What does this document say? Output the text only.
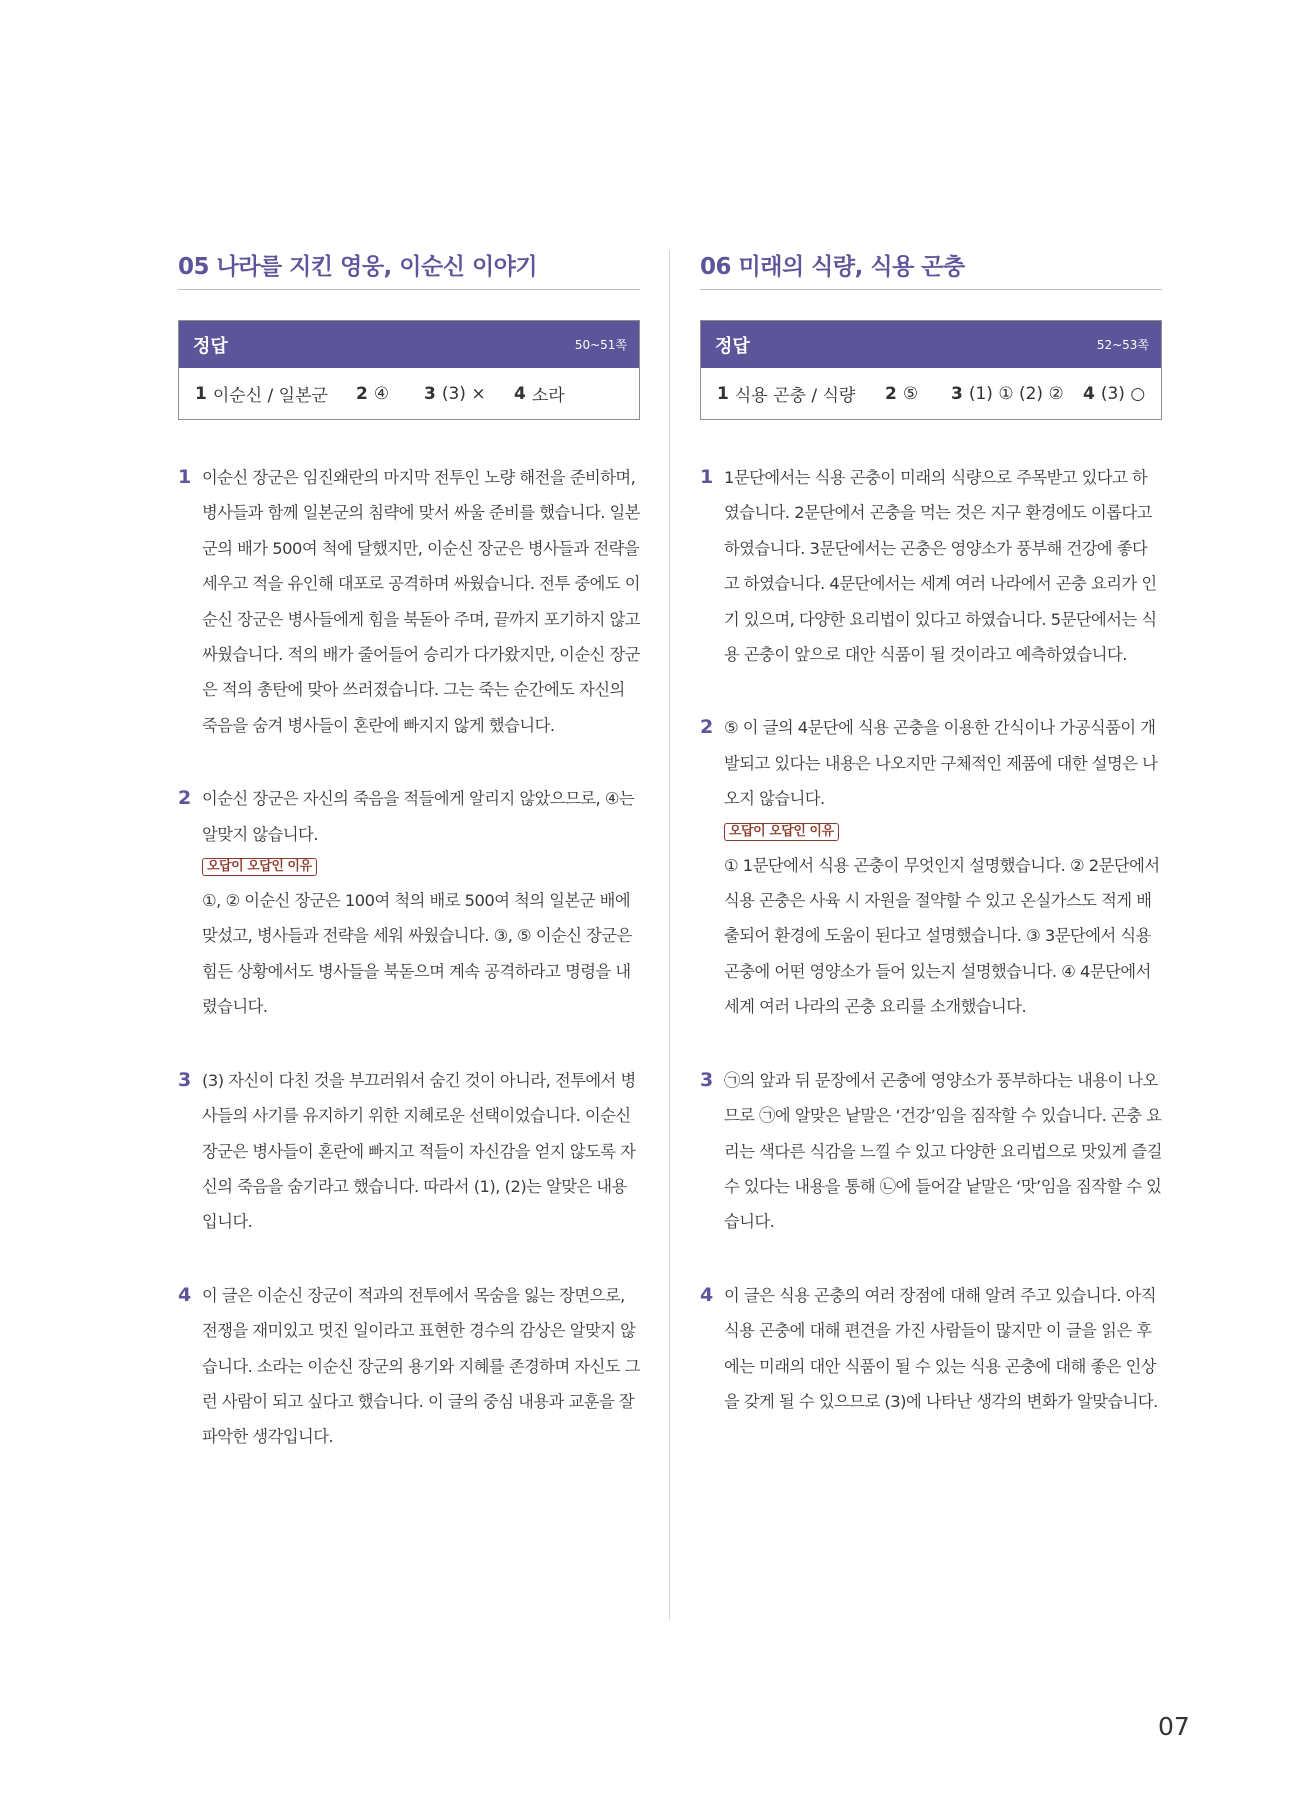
05 나라를 지킨 영웅, 이순신 이야기
정답	50~51쪽
1 이순신 / 일본군 2 ④ 3 (3) × 4 소라
1 이순신 장군은 임진왜란의 마지막 전투인 노량 해전을 준비하며, 병사들과 함께 일본군의 침략에 맞서 싸울 준비를 했습니다. 일본군의 배가 500여 척에 달했지만, 이순신 장군은 병사들과 전략을 세우고 적을 유인해 대포로 공격하며 싸웠습니다. 전투 중에도 이순신 장군은 병사들에게 힘을 북돋아 주며, 끝까지 포기하지 않고 싸웠습니다. 적의 배가 줄어들어 승리가 다가왔지만, 이순신 장군은 적의 총탄에 맞아 쓰러졌습니다. 그는 죽는 순간에도 자신의 죽음을 숨겨 병사들이 혼란에 빠지지 않게 했습니다.

2 이순신 장군은 자신의 죽음을 적들에게 알리지 않았으므로, ④는 알맞지 않습니다.

오답이 오답인 이유

①, ② 이순신 장군은 100여 척의 배로 500여 척의 일본군 배에 맞섰고, 병사들과 전략을 세워 싸웠습니다. ③, ⑤ 이순신 장군은 힘든 상황에서도 병사들을 북돋으며 계속 공격하라고 명령을 내렸습니다.

3 (3) 자신이 다친 것을 부끄러워서 숨긴 것이 아니라, 전투에서 병사들의 사기를 유지하기 위한 지혜로운 선택이었습니다. 이순신 장군은 병사들이 혼란에 빠지고 적들이 자신감을 얻지 않도록 자신의 죽음을 숨기라고 했습니다. 따라서 (1), (2)는 알맞은 내용입니다.

4 이 글은 이순신 장군이 적과의 전투에서 목숨을 잃는 장면으로, 전쟁을 재미있고 멋진 일이라고 표현한 경수의 감상은 알맞지 않습니다. 소라는 이순신 장군의 용기와 지혜를 존경하며 자신도 그런 사람이 되고 싶다고 했습니다. 이 글의 중심 내용과 교훈을 잘 파악한 생각입니다.

06 미래의 식량, 식용 곤충
정답	52~53쪽
1 식용 곤충 / 식량 2 ⑤ 3 (1) ① (2) ② 4 (3) ○
1 1문단에서는 식용 곤충이 미래의 식량으로 주목받고 있다고 하였습니다. 2문단에서 곤충을 먹는 것은 지구 환경에도 이롭다고 하였습니다. 3문단에서는 곤충은 영양소가 풍부해 건강에 좋다고 하였습니다. 4문단에서는 세계 여러 나라에서 곤충 요리가 인기 있으며, 다양한 요리법이 있다고 하였습니다. 5문단에서는 식용 곤충이 앞으로 대안 식품이 될 것이라고 예측하였습니다.

2 ⑤ 이 글의 4문단에 식용 곤충을 이용한 간식이나 가공식품이 개발되고 있다는 내용은 나오지만 구체적인 제품에 대한 설명은 나오지 않습니다.

오답이 오답인 이유

① 1문단에서 식용 곤충이 무엇인지 설명했습니다. ② 2문단에서 식용 곤충은 사육 시 자원을 절약할 수 있고 온실가스도 적게 배출되어 환경에 도움이 된다고 설명했습니다. ③ 3문단에서 식용 곤충에 어떤 영양소가 들어 있는지 설명했습니다. ④ 4문단에서 세계 여러 나라의 곤충 요리를 소개했습니다.

3 ㉠의 앞과 뒤 문장에서 곤충에 영양소가 풍부하다는 내용이 나오므로 ㉠에 알맞은 낱말은 ‘건강’임을 짐작할 수 있습니다. 곤충 요리는 색다른 식감을 느낄 수 있고 다양한 요리법으로 맛있게 즐길 수 있다는 내용을 통해 ㉡에 들어갈 낱말은 ‘맛’임을 짐작할 수 있습니다.

4 이 글은 식용 곤충의 여러 장점에 대해 알려 주고 있습니다. 아직 식용 곤충에 대해 편견을 가진 사람들이 많지만 이 글을 읽은 후에는 미래의 대안 식품이 될 수 있는 식용 곤충에 대해 좋은 인상을 갖게 될 수 있으므로 (3)에 나타난 생각의 변화가 알맞습니다.

07
